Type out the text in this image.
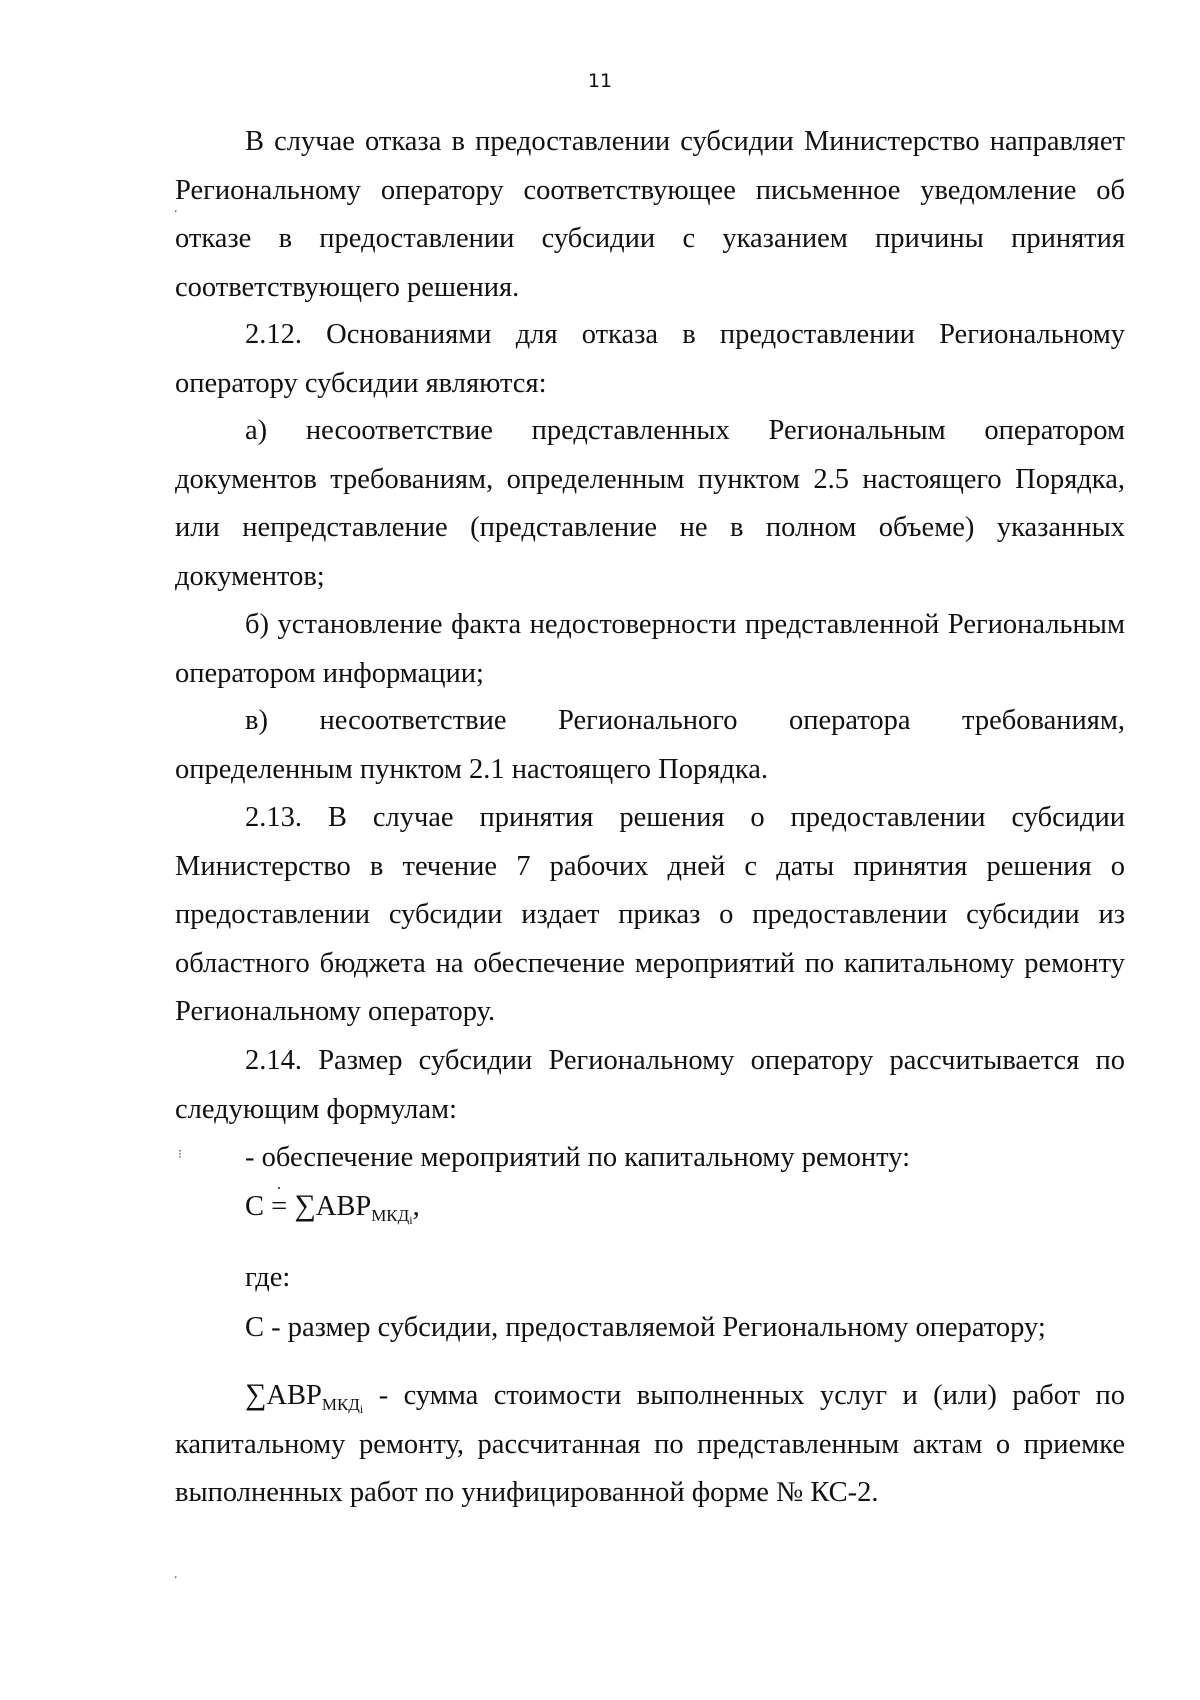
11

В случае отказа в предоставлении субсидии Министерство направляет Региональному оператору соответствующее письменное уведомление об отказе в предоставлении субсидии с указанием причины принятия соответствующего решения.

2.12. Основаниями для отказа в предоставлении Региональному оператору субсидии являются:

а) несоответствие представленных Региональным оператором документов требованиям, определенным пунктом 2.5 настоящего Порядка, или непредставление (представление не в полном объеме) указанных документов;

б) установление факта недостоверности представленной Региональным оператором информации;

в) несоответствие Регионального оператора требованиям, определенным пунктом 2.1 настоящего Порядка.

2.13. В случае принятия решения о предоставлении субсидии Министерство в течение 7 рабочих дней с даты принятия решения о предоставлении субсидии издает приказ о предоставлении субсидии из областного бюджета на обеспечение мероприятий по капитальному ремонту Региональному оператору.

2.14. Размер субсидии Региональному оператору рассчитывается по следующим формулам:

- обеспечение мероприятий по капитальному ремонту:

$С = \sum АВР_{МКД_i}$,

где:

С - размер субсидии, предоставляемой Региональному оператору;

$\sum АВР_{МКД_i}$ - сумма стоимости выполненных услуг и (или) работ по капитальному ремонту, рассчитанная по представленным актам о приемке выполненных работ по унифицированной форме № КС-2.

ˑ
⁝
ˑ
